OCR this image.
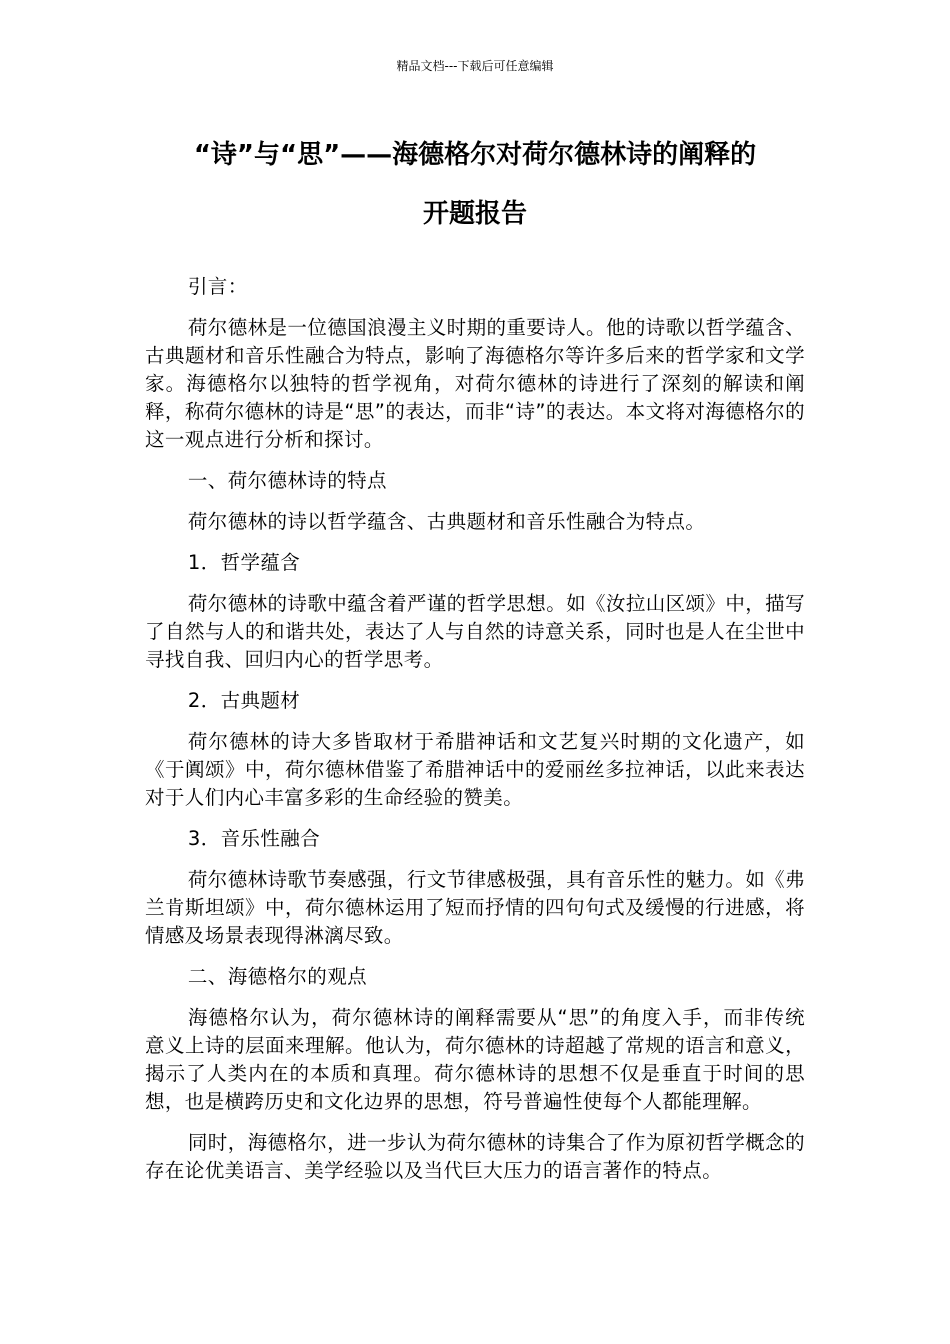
精品文档---下载后可任意编辑
“诗”与“思”——海德格尔对荷尔德林诗的阐释的
开题报告

引言：

荷尔德林是一位德国浪漫主义时期的重要诗人。他的诗歌以哲学蕴含、古典题材和音乐性融合为特点，影响了海德格尔等许多后来的哲学家和文学家。海德格尔以独特的哲学视角，对荷尔德林的诗进行了深刻的解读和阐释，称荷尔德林的诗是“思”的表达，而非“诗”的表达。本文将对海德格尔的这一观点进行分析和探讨。

一、荷尔德林诗的特点

荷尔德林的诗以哲学蕴含、古典题材和音乐性融合为特点。

1．哲学蕴含

荷尔德林的诗歌中蕴含着严谨的哲学思想。如《汝拉山区颂》中，描写了自然与人的和谐共处，表达了人与自然的诗意关系，同时也是人在尘世中寻找自我、回归内心的哲学思考。

2．古典题材

荷尔德林的诗大多皆取材于希腊神话和文艺复兴时期的文化遗产，如《于阗颂》中，荷尔德林借鉴了希腊神话中的爱丽丝多拉神话，以此来表达对于人们内心丰富多彩的生命经验的赞美。

3．音乐性融合

荷尔德林诗歌节奏感强，行文节律感极强，具有音乐性的魅力。如《弗兰肯斯坦颂》中，荷尔德林运用了短而抒情的四句句式及缓慢的行进感，将情感及场景表现得淋漓尽致。

二、海德格尔的观点

海德格尔认为，荷尔德林诗的阐释需要从“思”的角度入手，而非传统意义上诗的层面来理解。他认为，荷尔德林的诗超越了常规的语言和意义，揭示了人类内在的本质和真理。荷尔德林诗的思想不仅是垂直于时间的思想，也是横跨历史和文化边界的思想，符号普遍性使每个人都能理解。

同时，海德格尔，进一步认为荷尔德林的诗集合了作为原初哲学概念的存在论优美语言、美学经验以及当代巨大压力的语言著作的特点。
